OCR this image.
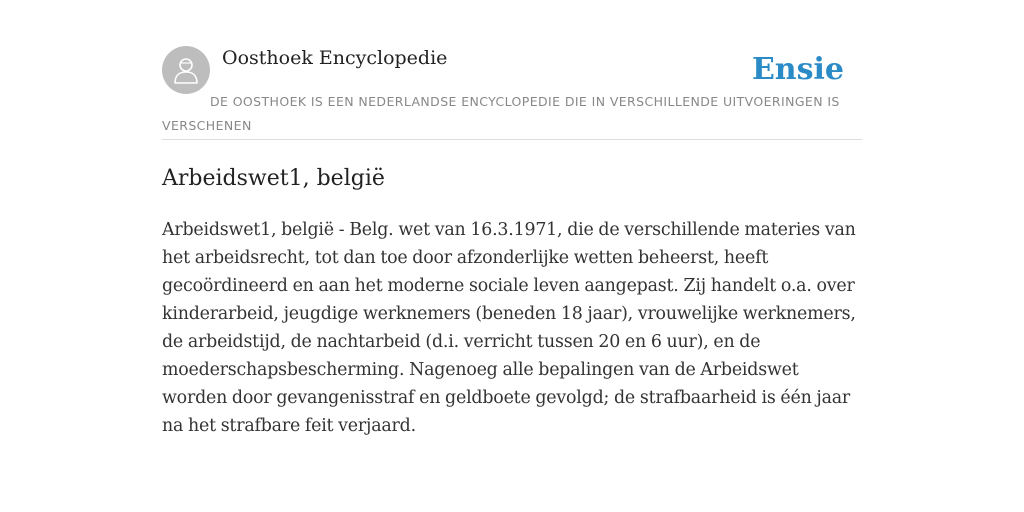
Oosthoek Encyclopedie	Ensie
DE OOSTHOEK IS EEN NEDERLANDSE ENCYCLOPEDIE DIE IN VERSCHILLENDE UITVOERINGEN IS VERSCHENEN
Arbeidswet1, belgië

Arbeidswet1, belgië - Belg. wet van 16.3.1971, die de verschillende materies van het arbeidsrecht, tot dan toe door afzonderlijke wetten beheerst, heeft gecoördineerd en aan het moderne sociale leven aangepast. Zij handelt o.a. over kinderarbeid, jeugdige werknemers (beneden 18 jaar), vrouwelijke werknemers, de arbeidstijd, de nachtarbeid (d.i. verricht tussen 20 en 6 uur), en de moederschapsbescherming. Nagenoeg alle bepalingen van de Arbeidswet worden door gevangenisstraf en geldboete gevolgd; de strafbaarheid is één jaar na het strafbare feit verjaard.
